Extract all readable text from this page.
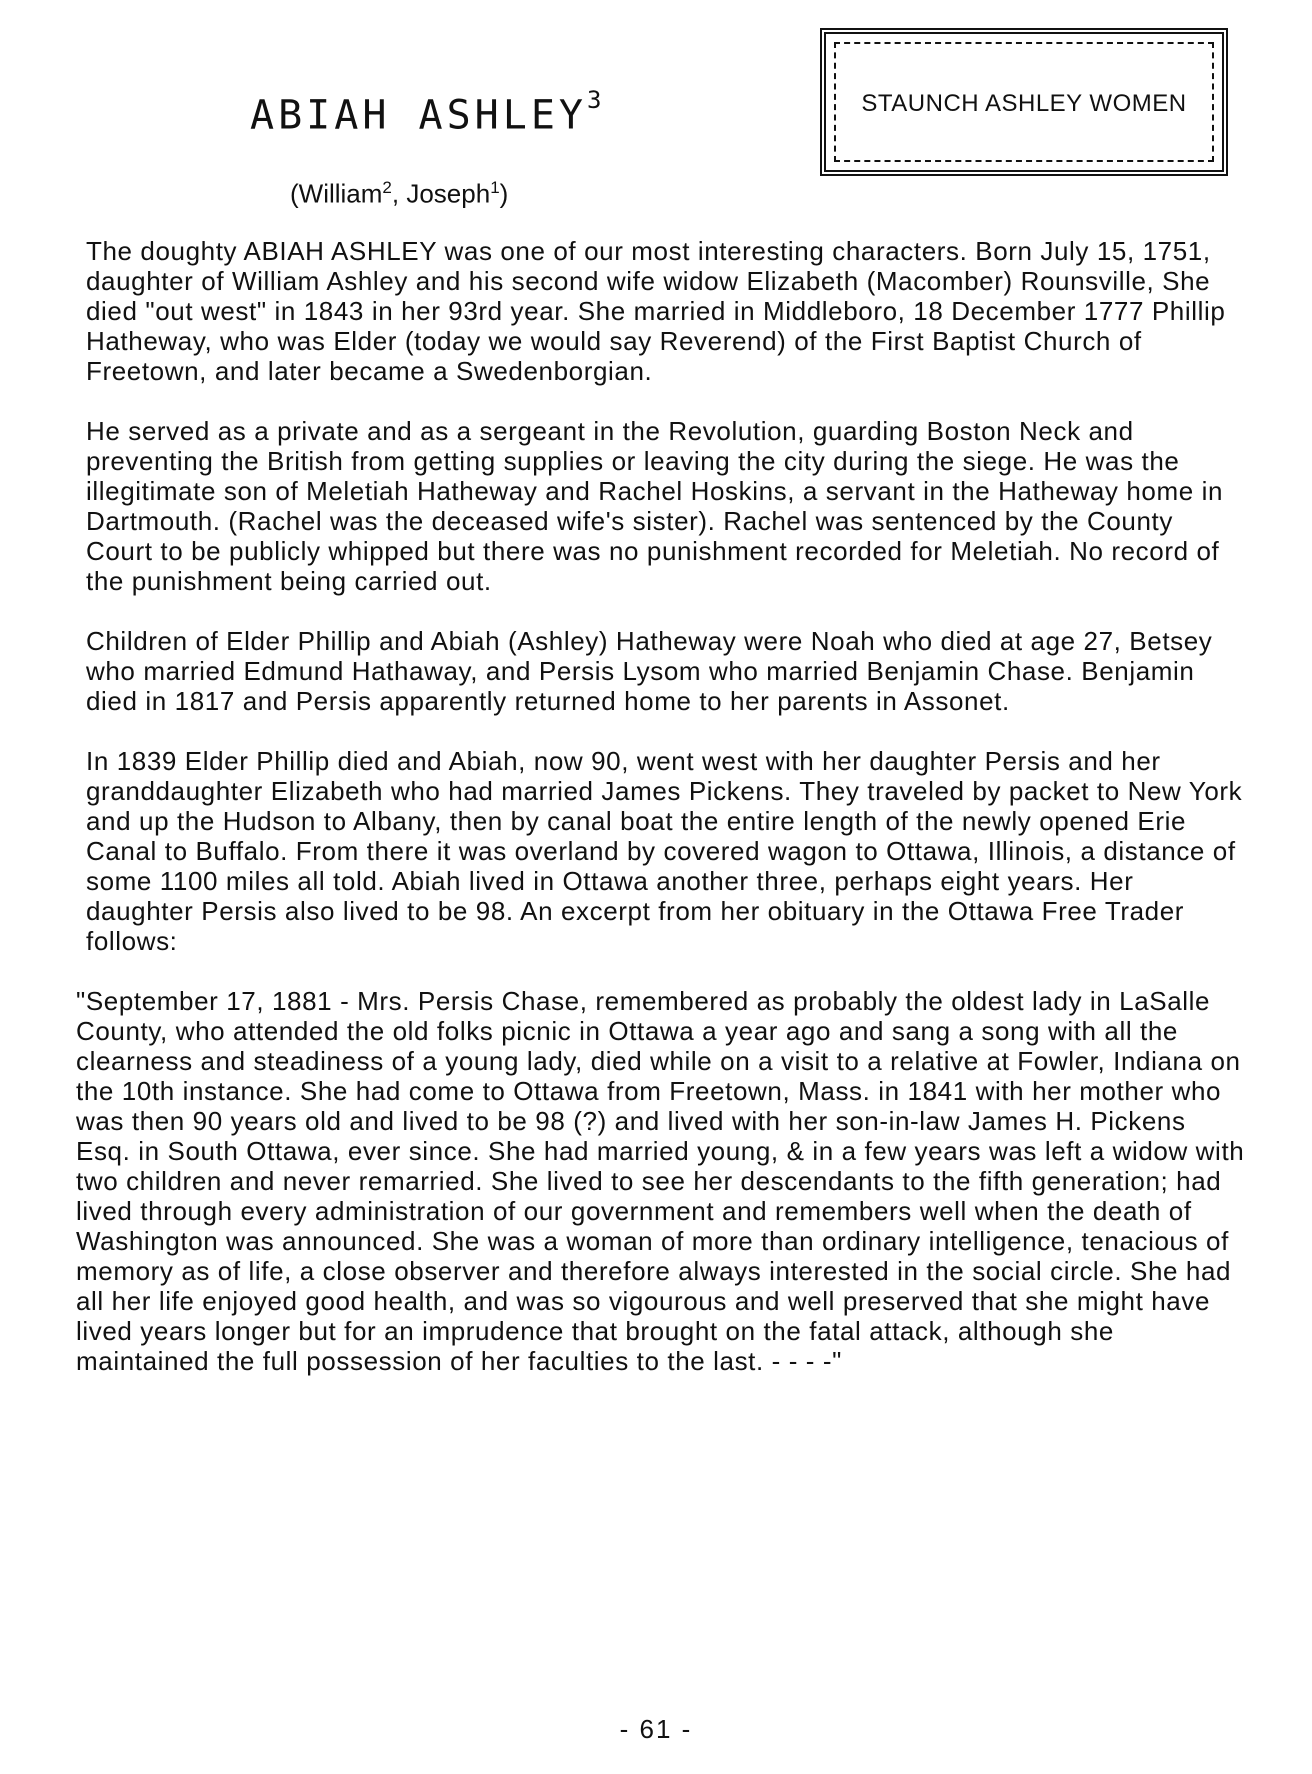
ABIAH ASHLEY$^3$
(William$^2$, Joseph$^1$)
STAUNCH ASHLEY WOMEN

The doughty ABIAH ASHLEY was one of our most interesting characters. Born July 15, 1751, daughter of William Ashley and his second wife widow Elizabeth (Macomber) Rounsville, She died "out west" in 1843 in her 93rd year. She married in Middleboro, 18 December 1777 Phillip Hatheway, who was Elder (today we would say Reverend) of the First Baptist Church of Freetown, and later became a Swedenborgian.

He served as a private and as a sergeant in the Revolution, guarding Boston Neck and preventing the British from getting supplies or leaving the city during the siege. He was the illegitimate son of Meletiah Hatheway and Rachel Hoskins, a servant in the Hatheway home in Dartmouth. (Rachel was the deceased wife's sister). Rachel was sentenced by the County Court to be publicly whipped but there was no punishment recorded for Meletiah. No record of the punishment being carried out.

Children of Elder Phillip and Abiah (Ashley) Hatheway were Noah who died at age 27, Betsey who married Edmund Hathaway, and Persis Lysom who married Benjamin Chase. Benjamin died in 1817 and Persis apparently returned home to her parents in Assonet.

In 1839 Elder Phillip died and Abiah, now 90, went west with her daughter Persis and her granddaughter Elizabeth who had married James Pickens. They traveled by packet to New York and up the Hudson to Albany, then by canal boat the entire length of the newly opened Erie Canal to Buffalo. From there it was overland by covered wagon to Ottawa, Illinois, a distance of some 1100 miles all told. Abiah lived in Ottawa another three, perhaps eight years. Her daughter Persis also lived to be 98. An excerpt from her obituary in the Ottawa Free Trader follows:

"September 17, 1881 - Mrs. Persis Chase, remembered as probably the oldest lady in LaSalle County, who attended the old folks picnic in Ottawa a year ago and sang a song with all the clearness and steadiness of a young lady, died while on a visit to a relative at Fowler, Indiana on the 10th instance. She had come to Ottawa from Freetown, Mass. in 1841 with her mother who was then 90 years old and lived to be 98 (?) and lived with her son-in-law James H. Pickens Esq. in South Ottawa, ever since. She had married young, & in a few years was left a widow with two children and never remarried. She lived to see her descendants to the fifth generation; had lived through every administration of our government and remembers well when the death of Washington was announced. She was a woman of more than ordinary intelligence, tenacious of memory as of life, a close observer and therefore always interested in the social circle. She had all her life enjoyed good health, and was so vigourous and well preserved that she might have lived years longer but for an imprudence that brought on the fatal attack, although she maintained the full possession of her faculties to the last. - - - -"

- 61 -
